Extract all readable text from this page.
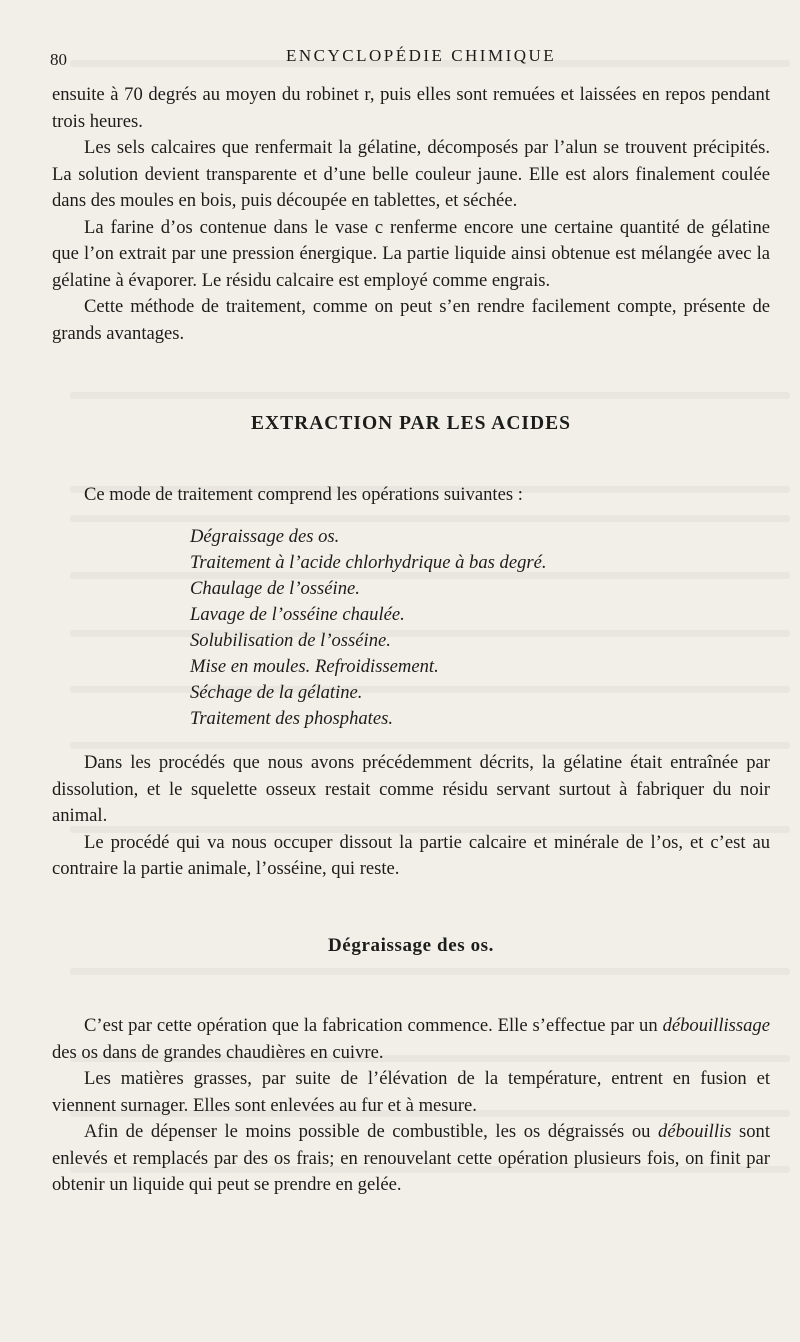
80	ENCYCLOPÉDIE CHIMIQUE

ensuite à 70 degrés au moyen du robinet r, puis elles sont remuées et laissées en repos pendant trois heures.

Les sels calcaires que renfermait la gélatine, décomposés par l’alun se trouvent précipités. La solution devient transparente et d’une belle couleur jaune. Elle est alors finalement coulée dans des moules en bois, puis découpée en tablettes, et séchée.

La farine d’os contenue dans le vase c renferme encore une certaine quantité de gélatine que l’on extrait par une pression énergique. La partie liquide ainsi obtenue est mélangée avec la gélatine à évaporer. Le résidu calcaire est employé comme engrais.

Cette méthode de traitement, comme on peut s’en rendre facilement compte, présente de grands avantages.

EXTRACTION PAR LES ACIDES

Ce mode de traitement comprend les opérations suivantes :

Dégraissage des os.
Traitement à l’acide chlorhydrique à bas degré.
Chaulage de l’osséine.
Lavage de l’osséine chaulée.
Solubilisation de l’osséine.
Mise en moules. Refroidissement.
Séchage de la gélatine.
Traitement des phosphates.

Dans les procédés que nous avons précédemment décrits, la gélatine était entraînée par dissolution, et le squelette osseux restait comme résidu servant surtout à fabriquer du noir animal.

Le procédé qui va nous occuper dissout la partie calcaire et minérale de l’os, et c’est au contraire la partie animale, l’osséine, qui reste.

Dégraissage des os.

C’est par cette opération que la fabrication commence. Elle s’effectue par un débouillissage des os dans de grandes chaudières en cuivre.

Les matières grasses, par suite de l’élévation de la température, entrent en fusion et viennent surnager. Elles sont enlevées au fur et à mesure.

Afin de dépenser le moins possible de combustible, les os dégraissés ou débouillis sont enlevés et remplacés par des os frais; en renouvelant cette opération plusieurs fois, on finit par obtenir un liquide qui peut se prendre en gelée.
